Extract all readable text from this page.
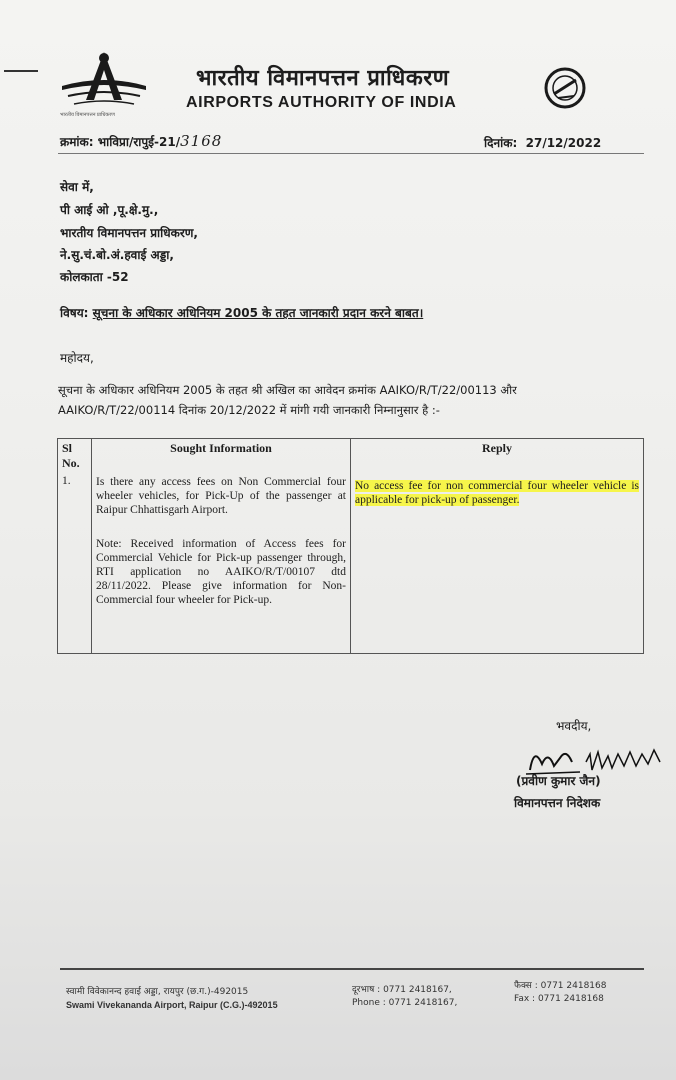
भारतीय विमानपत्तन प्राधिकरण
भारतीय विमानपत्तन प्राधिकरण
AIRPORTS AUTHORITY OF INDIA
क्रमांक: भाविप्रा/रापुई-21/3168	दिनांक: 27/12/2022
सेवा में,
पी आई ओ ,पू.क्षे.मु.,
भारतीय विमानपत्तन प्राधिकरण,
ने.सु.चं.बो.अं.हवाई अड्डा,
कोलकाता -52
विषय: सूचना के अधिकार अधिनियम 2005 के तहत जानकारी प्रदान करने बाबत।
महोदय,
सूचना के अधिकार अधिनियम 2005 के तहत श्री अखिल का आवेदन क्रमांक AAIKO/R/T/22/00113 और
AAIKO/R/T/22/00114 दिनांक 20/12/2022 में मांगी गयी जानकारी निम्नानुसार है :-
Sl No.	Sought Information	Reply
1.	Is there any access fees on Non Commercial four wheeler vehicles, for Pick-Up of the passenger at Raipur Chhattisgarh Airport.
Note: Received information of Access fees for Commercial Vehicle for Pick-up passenger through, RTI application no AAIKO/R/T/00107 dtd 28/11/2022. Please give information for Non-Commercial four wheeler for Pick-up.	No access fee for non commercial four wheeler vehicle is applicable for pick-up of passenger.
भवदीय,
(प्रवीण कुमार जैन)
विमानपत्तन निदेशक
स्वामी विवेकानन्द हवाई अड्डा, रायपुर (छ.ग.)-492015
Swami Vivekananda Airport, Raipur (C.G.)-492015
दूरभाष : 0771 2418167,
Phone : 0771 2418167,
फैक्स : 0771 2418168
Fax : 0771 2418168
